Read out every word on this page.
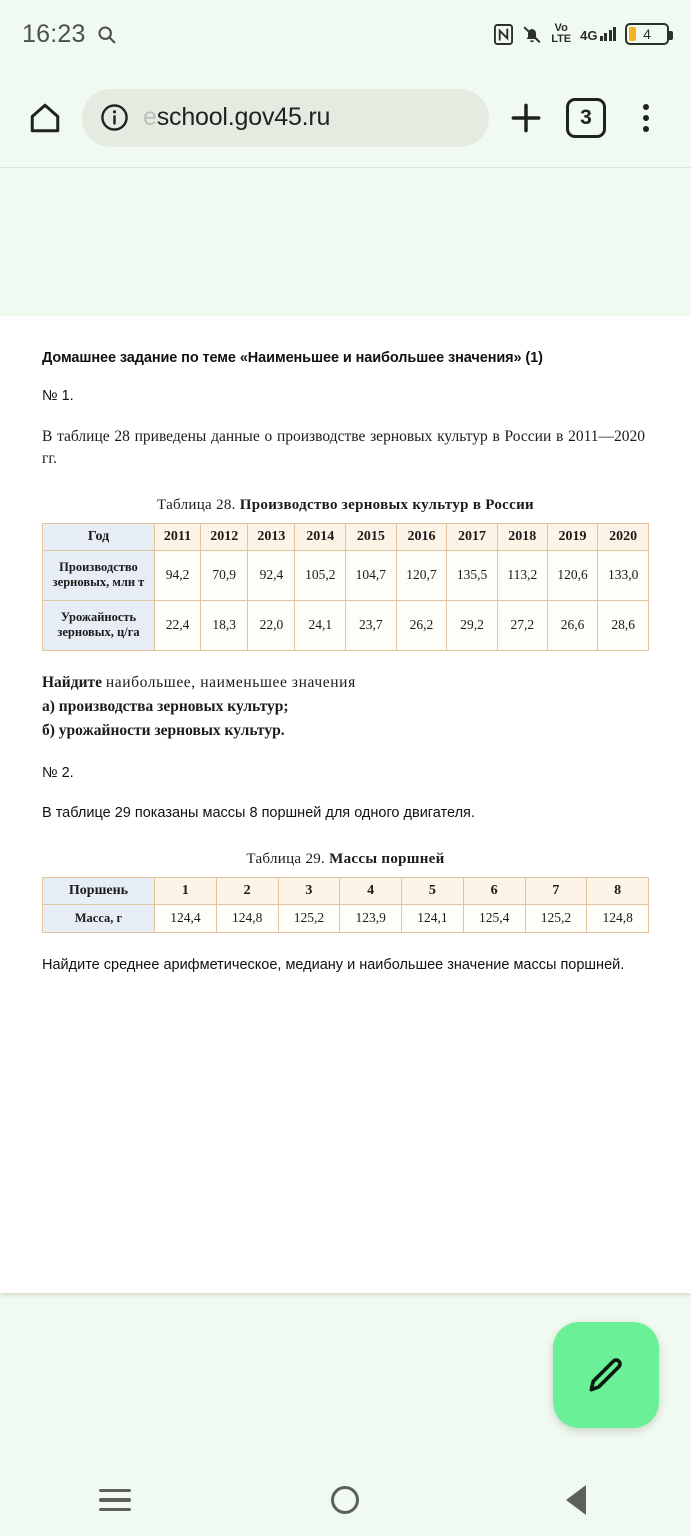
16:23	Vo
LTE 4G	4
eschool.gov45.ru	3
Домашнее задание по теме «Наименьшее и наибольшее значения» (1)
№ 1.
В таблице 28 приведены данные о производстве зерновых культур в России в 2011—2020 гг.
Таблица 28. Производство зерновых культур в России
Год	2011	2012	2013	2014	2015	2016	2017	2018	2019	2020
Производство зерновых, млн т	94,2	70,9	92,4	105,2	104,7	120,7	135,5	113,2	120,6	133,0
Урожайность зерновых, ц/га	22,4	18,3	22,0	24,1	23,7	26,2	29,2	27,2	26,6	28,6
Найдите наибольшее, наименьшее значения
а) производства зерновых культур;
б) урожайности зерновых культур.
№ 2.
В таблице 29 показаны массы 8 поршней для одного двигателя.
Таблица 29. Массы поршней
Поршень	1	2	3	4	5	6	7	8
Масса, г	124,4	124,8	125,2	123,9	124,1	125,4	125,2	124,8
Найдите среднее арифметическое, медиану и наибольшее значение массы поршней.
